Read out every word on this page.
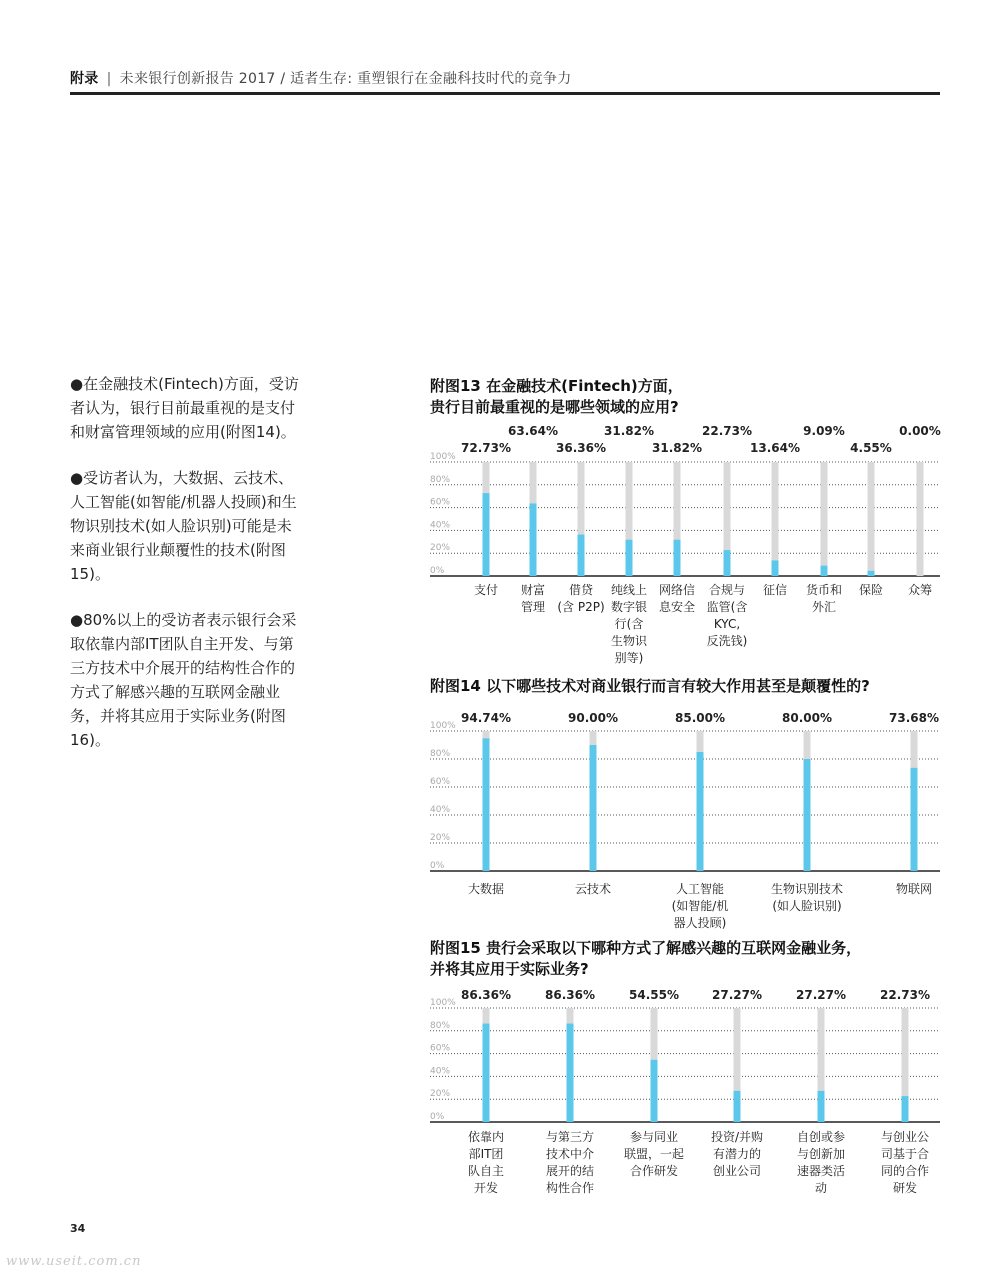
附录 | 未来银行创新报告 2017 / 适者生存: 重塑银行在金融科技时代的竞争力

●在金融技术(Fintech)方面，受访者认为，银行目前最重视的是支付和财富管理领域的应用(附图14)。

●受访者认为，大数据、云技术、人工智能(如智能/机器人投顾)和生物识别技术(如人脸识别)可能是未来商业银行业颠覆性的技术(附图15)。

●80%以上的受访者表示银行会采取依靠内部IT团队自主开发、与第三方技术中介展开的结构性合作的方式了解感兴趣的互联网金融业务，并将其应用于实际业务(附图16)。

附图13 在金融技术(Fintech)方面，
贵行目前最重视的是哪些领域的应用?
附图14 以下哪些技术对商业银行而言有较大作用甚至是颠覆性的?
附图15 贵行会采取以下哪种方式了解感兴趣的互联网金融业务，
并将其应用于实际业务?
0%
20%
40%
60%
80%
100%
72.73%
支付
63.64%
财富
管理
36.36%
借贷
(含 P2P)
31.82%
纯线上
数字银
行(含
生物识
别等)
31.82%
网络信
息安全
22.73%
合规与
监管(含
KYC,
反洗钱)
13.64%
征信
9.09%
货币和
外汇
4.55%
保险
0.00%
众筹
0%
20%
40%
60%
80%
100%
94.74%
大数据
90.00%
云技术
85.00%
人工智能
(如智能/机
器人投顾)
80.00%
生物识别技术
(如人脸识别)
73.68%
物联网
0%
20%
40%
60%
80%
100%
86.36%
依靠内
部IT团
队自主
开发
86.36%
与第三方
技术中介
展开的结
构性合作
54.55%
参与同业
联盟，一起
合作研发
27.27%
投资/并购
有潜力的
创业公司
27.27%
自创或参
与创新加
速器类活
动
22.73%
与创业公
司基于合
同的合作
研发
34
www.useit.com.cn
